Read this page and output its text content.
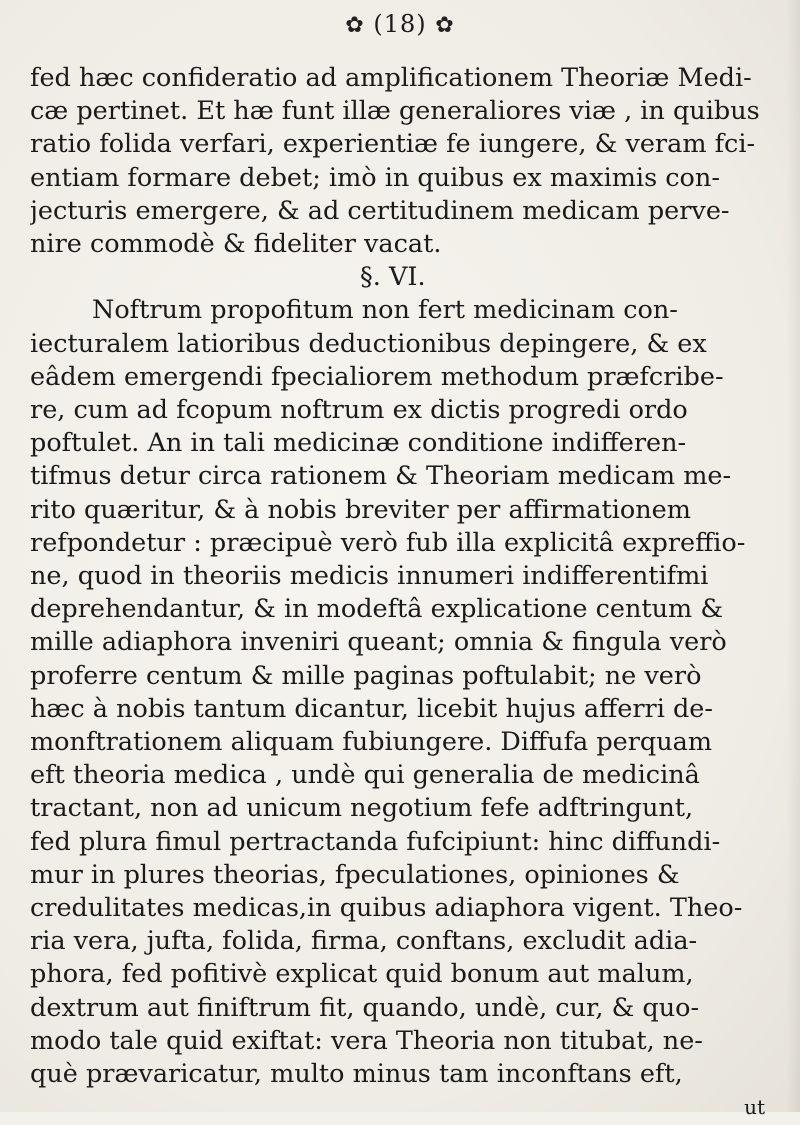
✿ (18) ✿
fed hæc confideratio ad amplificationem Theoriæ Medi-
cæ pertinet. Et hæ funt illæ generaliores viæ , in quibus
ratio folida verfari, experientiæ fe iungere, & veram fci-
entiam formare debet; imò in quibus ex maximis con-
jecturis emergere, & ad certitudinem medicam perve-
nire commodè & fideliter vacat.
§. VI.
Noftrum propofitum non fert medicinam con-
iecturalem latioribus deductionibus depingere, & ex
eâdem emergendi fpecialiorem methodum præfcribe-
re, cum ad fcopum noftrum ex dictis progredi ordo
poftulet. An in tali medicinæ conditione indifferen-
tifmus detur circa rationem & Theoriam medicam me-
rito quæritur, & à nobis breviter per affirmationem
refpondetur : præcipuè verò fub illa explicitâ expreffio-
ne, quod in theoriis medicis innumeri indifferentifmi
deprehendantur, & in modeftâ explicatione centum &
mille adiaphora inveniri queant; omnia & fingula verò
proferre centum & mille paginas poftulabit; ne verò
hæc à nobis tantum dicantur, licebit hujus afferri de-
monftrationem aliquam fubiungere. Diffufa perquam
eft theoria medica , undè qui generalia de medicinâ
tractant, non ad unicum negotium fefe adftringunt,
fed plura fimul pertractanda fufcipiunt: hinc diffundi-
mur in plures theorias, fpeculationes, opiniones &
credulitates medicas,in quibus adiaphora vigent. Theo-
ria vera, jufta, folida, firma, conftans, excludit adia-
phora, fed pofitivè explicat quid bonum aut malum,
dextrum aut finiftrum fit, quando, undè, cur, & quo-
modo tale quid exiftat: vera Theoria non titubat, ne-
què prævaricatur, multo minus tam inconftans eft,
ut
